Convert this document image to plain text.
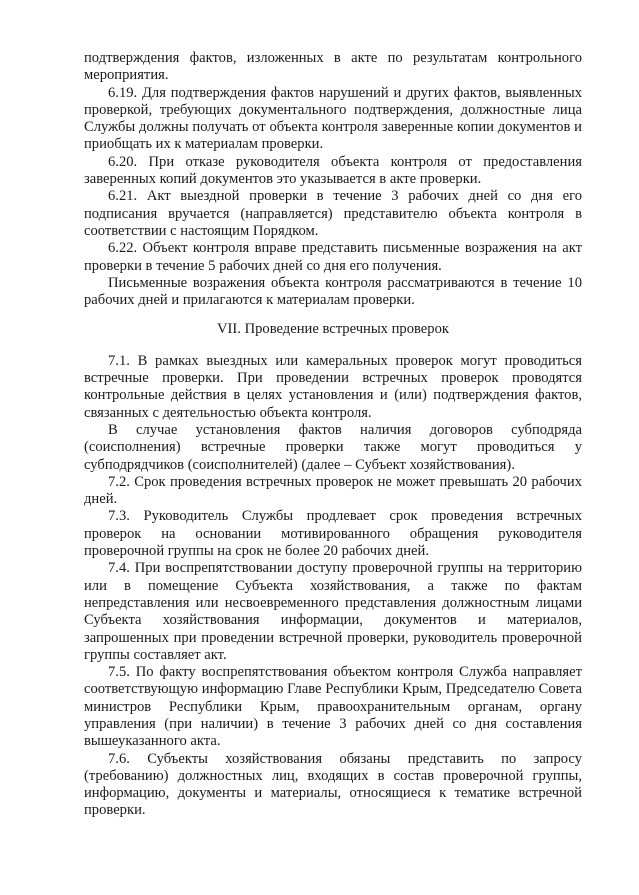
подтверждения фактов, изложенных в акте по результатам контрольного мероприятия.

6.19. Для подтверждения фактов нарушений и других фактов, выявленных проверкой, требующих документального подтверждения, должностные лица Службы должны получать от объекта контроля заверенные копии документов и приобщать их к материалам проверки.

6.20. При отказе руководителя объекта контроля от предоставления заверенных копий документов это указывается в акте проверки.

6.21. Акт выездной проверки в течение 3 рабочих дней со дня его подписания вручается (направляется) представителю объекта контроля в соответствии с настоящим Порядком.

6.22. Объект контроля вправе представить письменные возражения на акт проверки в течение 5 рабочих дней со дня его получения.

Письменные возражения объекта контроля рассматриваются в течение 10 рабочих дней и прилагаются к материалам проверки.

VII. Проведение встречных проверок

7.1. В рамках выездных или камеральных проверок могут проводиться встречные проверки. При проведении встречных проверок проводятся контрольные действия в целях установления и (или) подтверждения фактов, связанных с деятельностью объекта контроля.

В случае установления фактов наличия договоров субподряда (соисполнения) встречные проверки также могут проводиться у субподрядчиков (соисполнителей) (далее – Субъект хозяйствования).

7.2. Срок проведения встречных проверок не может превышать 20 рабочих дней.

7.3. Руководитель Службы продлевает срок проведения встречных проверок на основании мотивированного обращения руководителя проверочной группы на срок не более 20 рабочих дней.

7.4. При воспрепятствовании доступу проверочной группы на территорию или в помещение Субъекта хозяйствования, а также по фактам непредставления или несвоевременного представления должностным лицами Субъекта хозяйствования информации, документов и материалов, запрошенных при проведении встречной проверки, руководитель проверочной группы составляет акт.

7.5. По факту воспрепятствования объектом контроля Служба направляет соответствующую информацию Главе Республики Крым, Председателю Совета министров Республики Крым, правоохранительным органам, органу управления (при наличии) в течение 3 рабочих дней со дня составления вышеуказанного акта.

7.6. Субъекты хозяйствования обязаны представить по запросу (требованию) должностных лиц, входящих в состав проверочной группы, информацию, документы и материалы, относящиеся к тематике встречной проверки.
